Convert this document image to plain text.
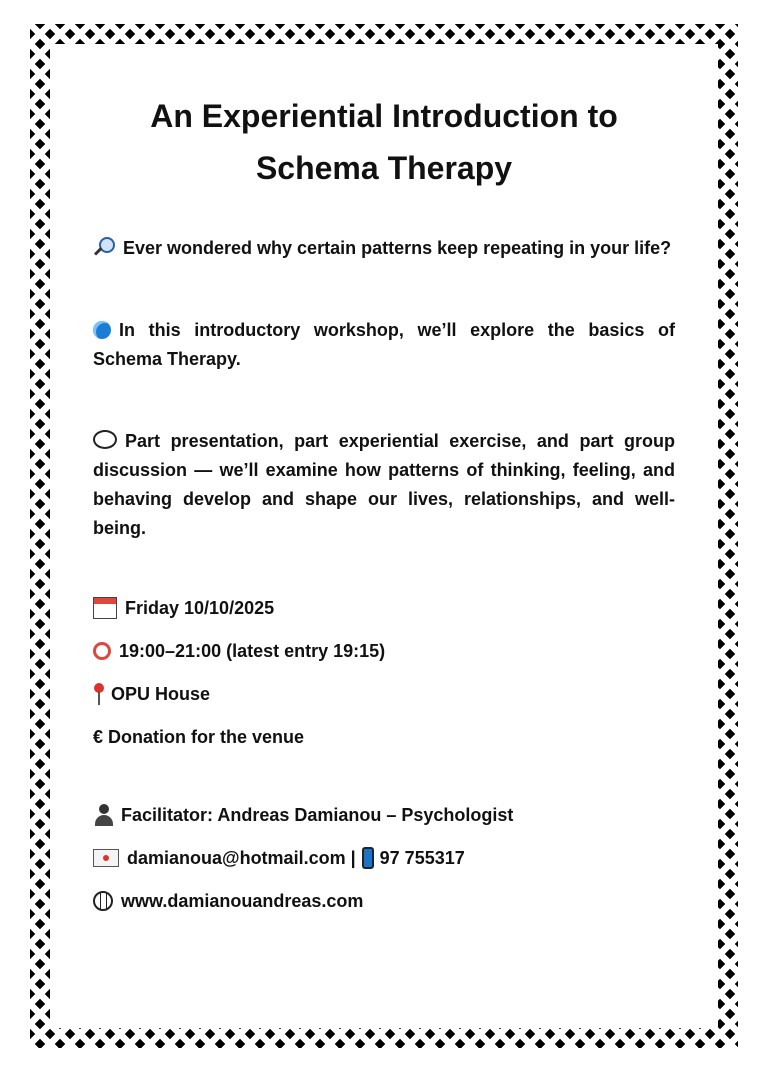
An Experiential Introduction to
Schema Therapy

Ever wondered why certain patterns keep repeating in your life?

In this introductory workshop, we’ll explore the basics of Schema Therapy.

Part presentation, part experiential exercise, and part group discussion — we’ll examine how patterns of thinking, feeling, and behaving develop and shape our lives, relationships, and well-being.

Friday 10/10/2025
19:00–21:00 (latest entry 19:15)
OPU House
€ Donation for the venue
Facilitator: Andreas Damianou – Psychologist
damianoua@hotmail.com
| 97 755317
www.damianouandreas.com
